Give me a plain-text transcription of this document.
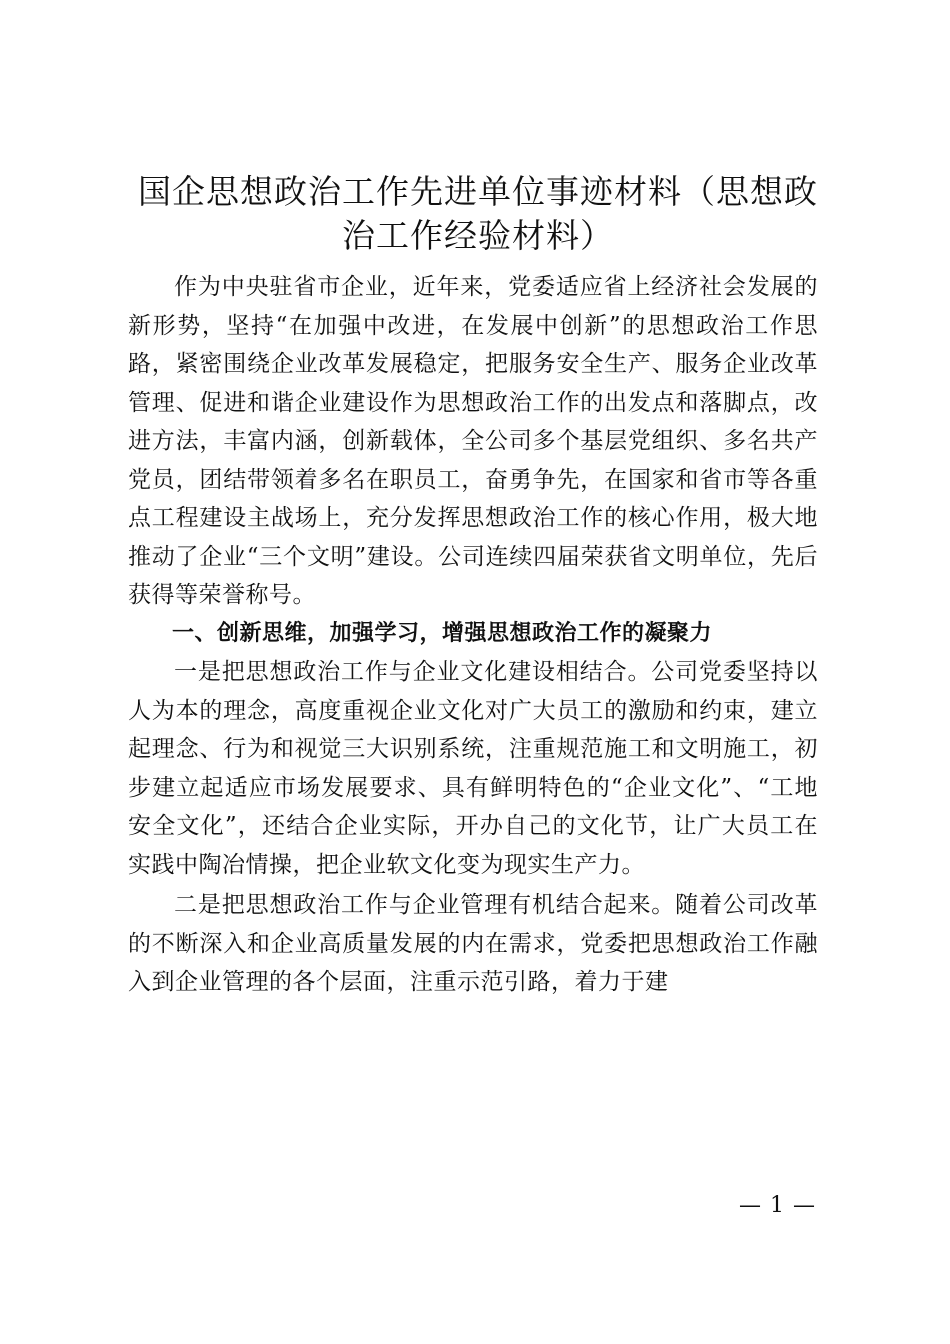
国企思想政治工作先进单位事迹材料（思想政
治工作经验材料）

作为中央驻省市企业，近年来，党委适应省上经济社会发展的新形势，坚持“在加强中改进，在发展中创新”的思想政治工作思路，紧密围绕企业改革发展稳定，把服务安全生产、服务企业改革管理、促进和谐企业建设作为思想政治工作的出发点和落脚点，改进方法，丰富内涵，创新载体，全公司多个基层党组织、多名共产党员，团结带领着多名在职员工，奋勇争先，在国家和省市等各重点工程建设主战场上，充分发挥思想政治工作的核心作用，极大地推动了企业“三个文明”建设。公司连续四届荣获省文明单位，先后获得等荣誉称号。

一、创新思维，加强学习，增强思想政治工作的凝聚力

一是把思想政治工作与企业文化建设相结合。公司党委坚持以人为本的理念，高度重视企业文化对广大员工的激励和约束，建立起理念、行为和视觉三大识别系统，注重规范施工和文明施工，初步建立起适应市场发展要求、具有鲜明特色的“企业文化”、“工地安全文化”，还结合企业实际，开办自己的文化节，让广大员工在实践中陶冶情操，把企业软文化变为现实生产力。

二是把思想政治工作与企业管理有机结合起来。随着公司改革的不断深入和企业高质量发展的内在需求，党委把思想政治工作融入到企业管理的各个层面，注重示范引路，着力于建

— 1 —
